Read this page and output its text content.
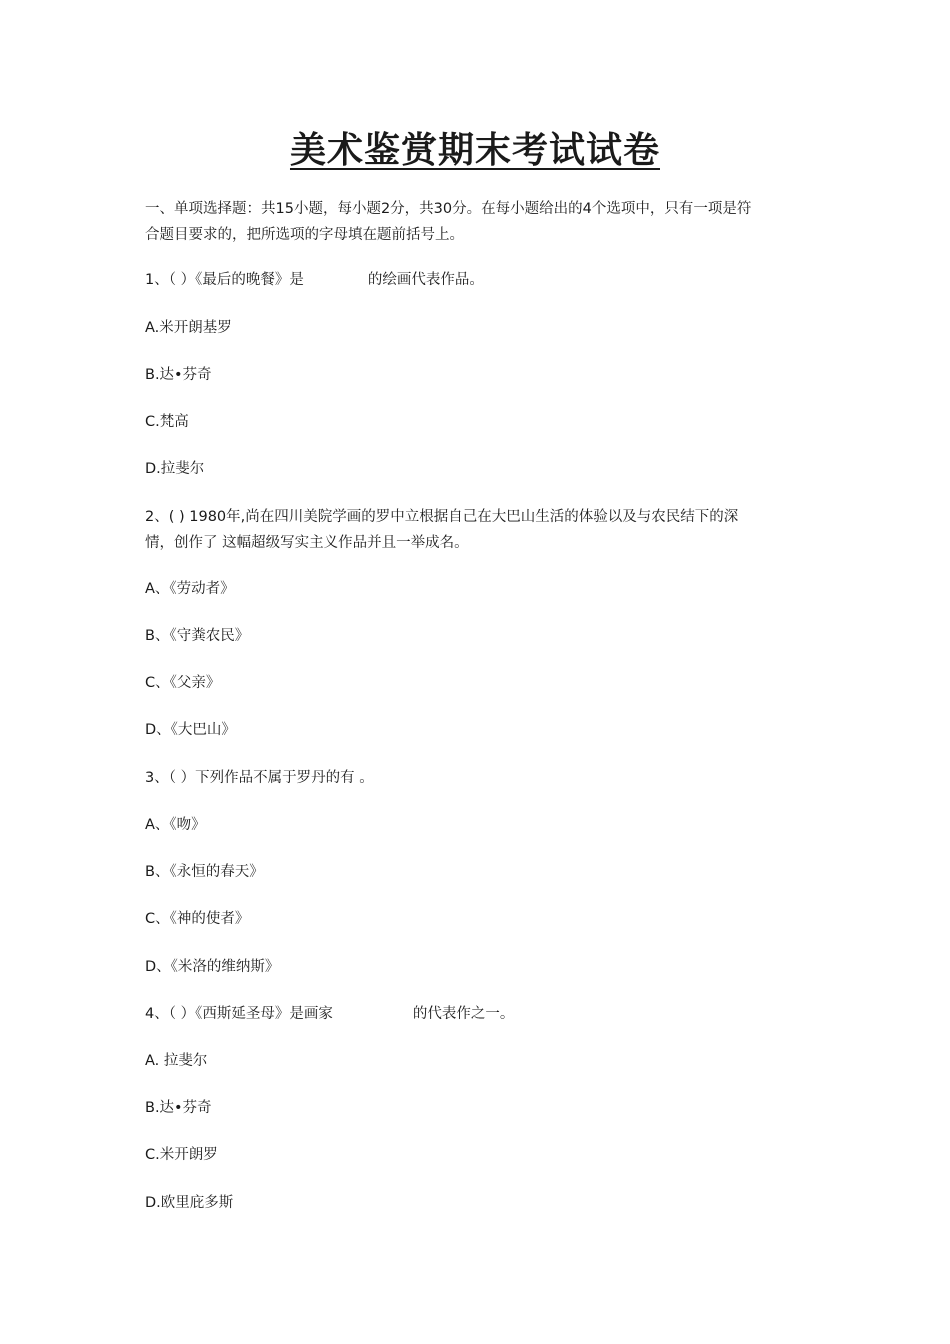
美术鉴赏期末考试试卷

一、单项选择题：共15小题，每小题2分，共30分。在每小题给出的4个选项中，只有一项是符

合题目要求的，把所选项的字母填在题前括号上。

1、（ ）《最后的晚餐》是	的绘画代表作品。

A.米开朗基罗

B.达•芬奇

C.梵高

D.拉斐尔

2、( ) 1980年,尚在四川美院学画的罗中立根据自己在大巴山生活的体验以及与农民结下的深

情，创作了 这幅超级写实主义作品并且一举成名。

A、《劳动者》

B、《守粪农民》

C、《父亲》

D、《大巴山》

3、（ ）下列作品不属于罗丹的有 。

A、《吻》

B、《永恒的春天》

C、《神的使者》

D、《米洛的维纳斯》

4、（ ）《西斯延圣母》是画家	的代表作之一。

A. 拉斐尔

B.达•芬奇

C.米开朗罗

D.欧里庇多斯
